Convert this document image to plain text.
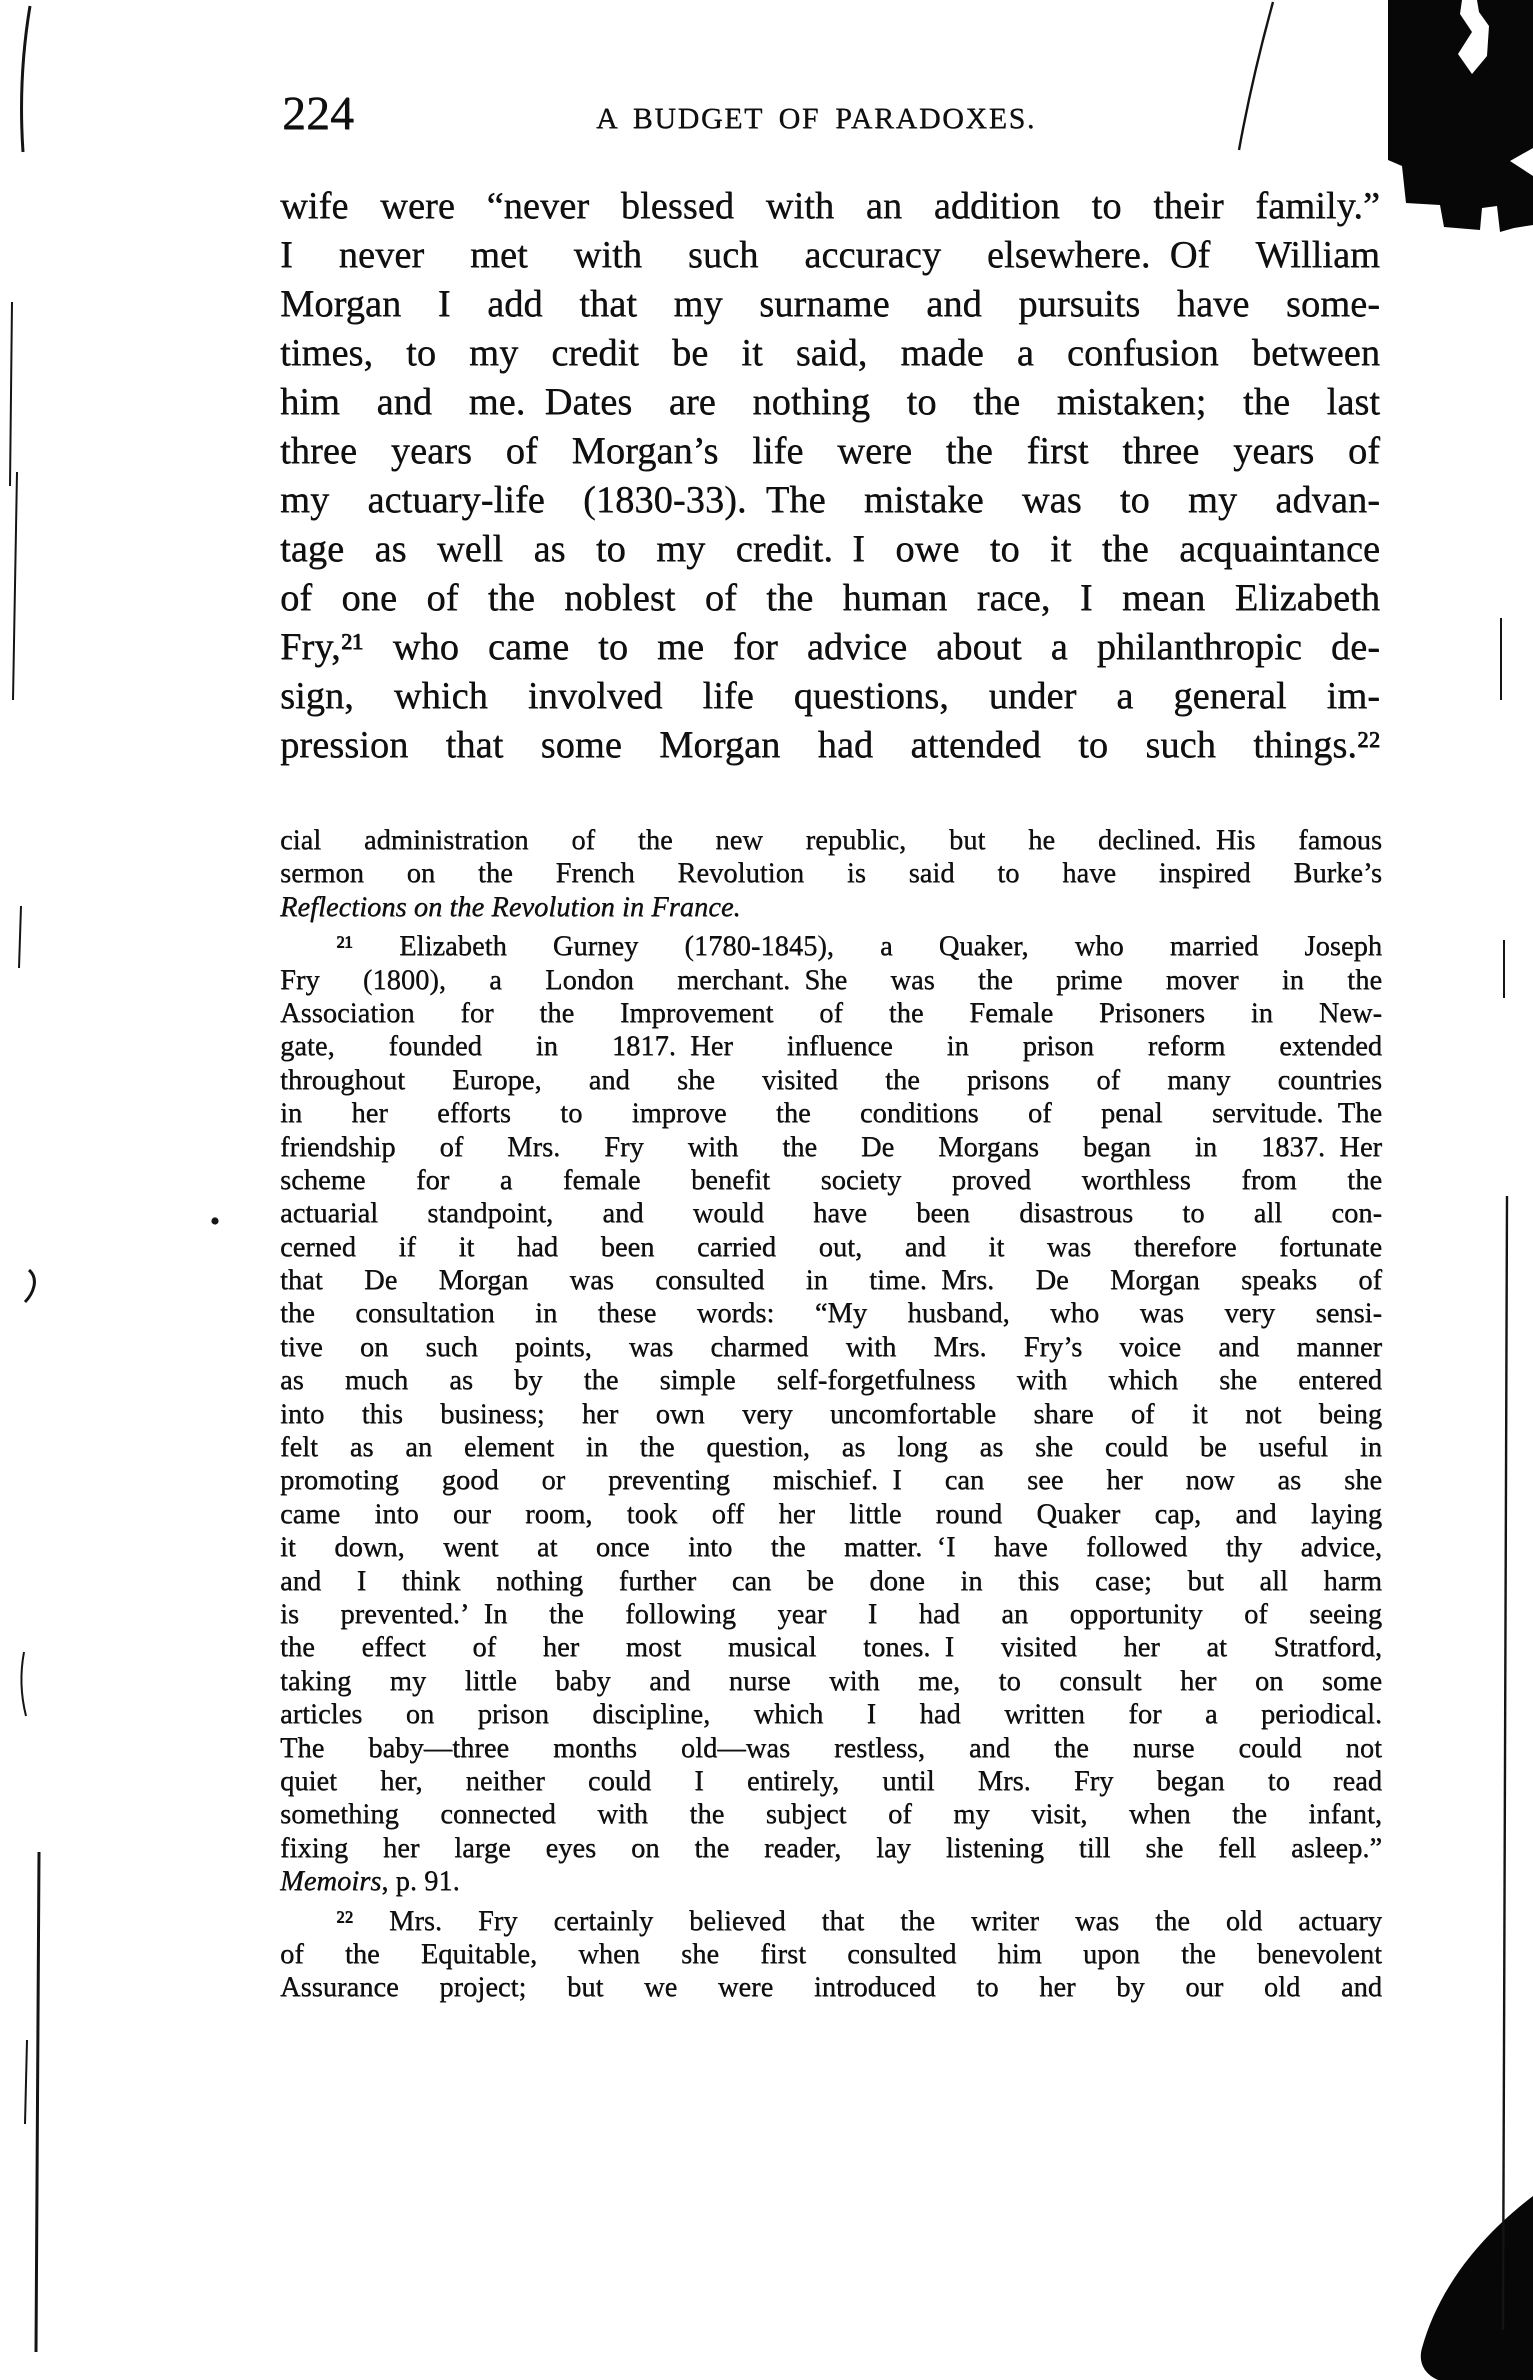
224	A BUDGET OF PARADOXES.
wife were “never blessed with an addition to their family.”
I never met with such accuracy elsewhere. Of William
Morgan I add that my surname and pursuits have some-
times, to my credit be it said, made a confusion between
him and me. Dates are nothing to the mistaken; the last
three years of Morgan’s life were the first three years of
my actuary-life (1830-33). The mistake was to my advan-
tage as well as to my credit. I owe to it the acquaintance
of one of the noblest of the human race, I mean Elizabeth
Fry,²¹ who came to me for advice about a philanthropic de-
sign, which involved life questions, under a general im-
pression that some Morgan had attended to such things.²²
cial administration of the new republic, but he declined. His famous
sermon on the French Revolution is said to have inspired Burke’s
Reflections on the Revolution in France.
²¹ Elizabeth Gurney (1780-1845), a Quaker, who married Joseph
Fry (1800), a London merchant. She was the prime mover in the
Association for the Improvement of the Female Prisoners in New-
gate, founded in 1817. Her influence in prison reform extended
throughout Europe, and she visited the prisons of many countries
in her efforts to improve the conditions of penal servitude. The
friendship of Mrs. Fry with the De Morgans began in 1837. Her
scheme for a female benefit society proved worthless from the
actuarial standpoint, and would have been disastrous to all con-
cerned if it had been carried out, and it was therefore fortunate
that De Morgan was consulted in time. Mrs. De Morgan speaks of
the consultation in these words: “My husband, who was very sensi-
tive on such points, was charmed with Mrs. Fry’s voice and manner
as much as by the simple self-forgetfulness with which she entered
into this business; her own very uncomfortable share of it not being
felt as an element in the question, as long as she could be useful in
promoting good or preventing mischief. I can see her now as she
came into our room, took off her little round Quaker cap, and laying
it down, went at once into the matter. ‘I have followed thy advice,
and I think nothing further can be done in this case; but all harm
is prevented.’ In the following year I had an opportunity of seeing
the effect of her most musical tones. I visited her at Stratford,
taking my little baby and nurse with me, to consult her on some
articles on prison discipline, which I had written for a periodical.
The baby—three months old—was restless, and the nurse could not
quiet her, neither could I entirely, until Mrs. Fry began to read
something connected with the subject of my visit, when the infant,
fixing her large eyes on the reader, lay listening till she fell asleep.”
Memoirs, p. 91.
²² Mrs. Fry certainly believed that the writer was the old actuary
of the Equitable, when she first consulted him upon the benevolent
Assurance project; but we were introduced to her by our old and
